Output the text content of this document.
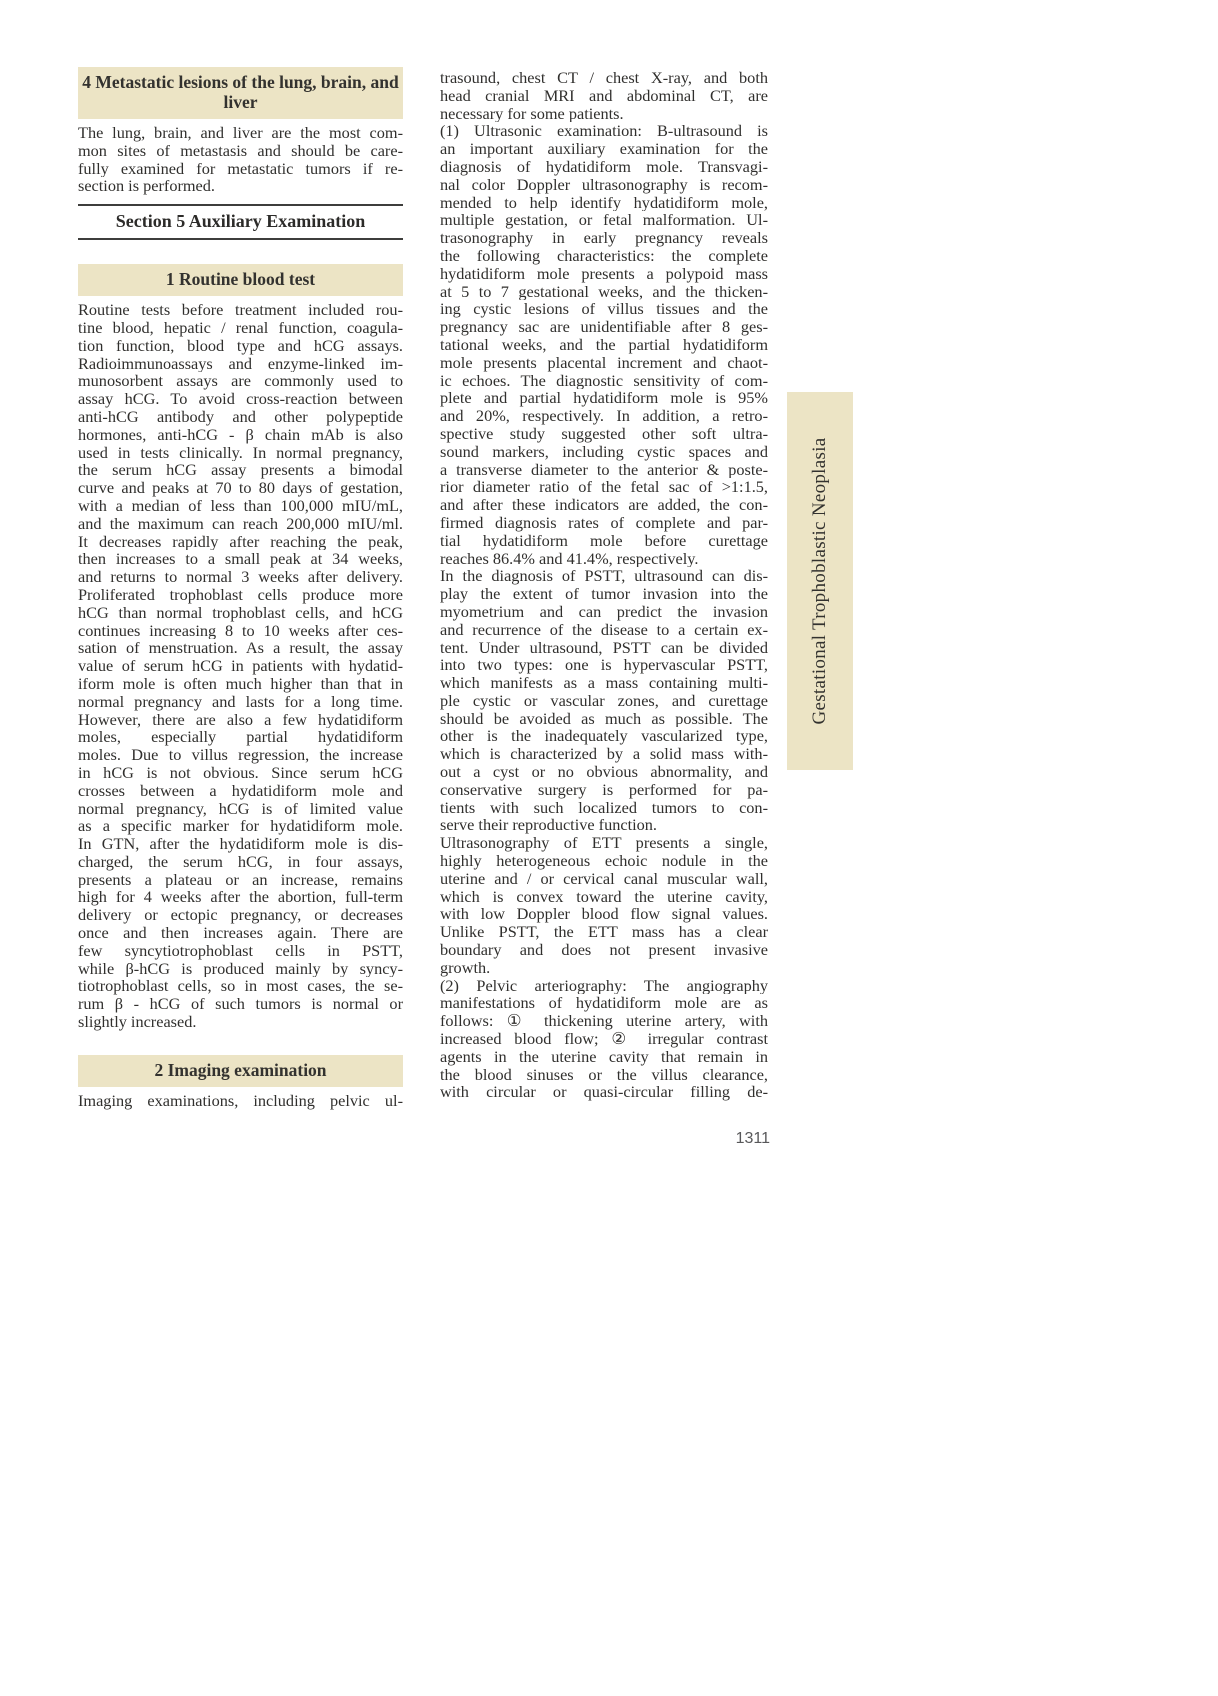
4 Metastatic lesions of the lung, brain, and
liver
The lung, brain, and liver are the most com-
mon sites of metastasis and should be care-
fully examined for metastatic tumors if re-
section is performed.
Section 5 Auxiliary Examination
1 Routine blood test
Routine tests before treatment included rou-
tine blood, hepatic / renal function, coagula-
tion function, blood type and hCG assays.
Radioimmunoassays and enzyme-linked im-
munosorbent assays are commonly used to
assay hCG. To avoid cross-reaction between
anti-hCG antibody and other polypeptide
hormones, anti-hCG - β chain mAb is also
used in tests clinically. In normal pregnancy,
the serum hCG assay presents a bimodal
curve and peaks at 70 to 80 days of gestation,
with a median of less than 100,000 mIU/mL,
and the maximum can reach 200,000 mIU/ml.
It decreases rapidly after reaching the peak,
then increases to a small peak at 34 weeks,
and returns to normal 3 weeks after delivery.
Proliferated trophoblast cells produce more
hCG than normal trophoblast cells, and hCG
continues increasing 8 to 10 weeks after ces-
sation of menstruation. As a result, the assay
value of serum hCG in patients with hydatid-
iform mole is often much higher than that in
normal pregnancy and lasts for a long time.
However, there are also a few hydatidiform
moles, especially partial hydatidiform
moles. Due to villus regression, the increase
in hCG is not obvious. Since serum hCG
crosses between a hydatidiform mole and
normal pregnancy, hCG is of limited value
as a specific marker for hydatidiform mole.
In GTN, after the hydatidiform mole is dis-
charged, the serum hCG, in four assays,
presents a plateau or an increase, remains
high for 4 weeks after the abortion, full-term
delivery or ectopic pregnancy, or decreases
once and then increases again. There are
few syncytiotrophoblast cells in PSTT,
while β-hCG is produced mainly by syncy-
tiotrophoblast cells, so in most cases, the se-
rum β - hCG of such tumors is normal or
slightly increased.
2 Imaging examination
Imaging examinations, including pelvic ul-
trasound, chest CT / chest X-ray, and both
head cranial MRI and abdominal CT, are
necessary for some patients.
(1) Ultrasonic examination: B-ultrasound is
an important auxiliary examination for the
diagnosis of hydatidiform mole. Transvagi-
nal color Doppler ultrasonography is recom-
mended to help identify hydatidiform mole,
multiple gestation, or fetal malformation. Ul-
trasonography in early pregnancy reveals
the following characteristics: the complete
hydatidiform mole presents a polypoid mass
at 5 to 7 gestational weeks, and the thicken-
ing cystic lesions of villus tissues and the
pregnancy sac are unidentifiable after 8 ges-
tational weeks, and the partial hydatidiform
mole presents placental increment and chaot-
ic echoes. The diagnostic sensitivity of com-
plete and partial hydatidiform mole is 95%
and 20%, respectively. In addition, a retro-
spective study suggested other soft ultra-
sound markers, including cystic spaces and
a transverse diameter to the anterior & poste-
rior diameter ratio of the fetal sac of >1:1.5,
and after these indicators are added, the con-
firmed diagnosis rates of complete and par-
tial hydatidiform mole before curettage
reaches 86.4% and 41.4%, respectively.
In the diagnosis of PSTT, ultrasound can dis-
play the extent of tumor invasion into the
myometrium and can predict the invasion
and recurrence of the disease to a certain ex-
tent. Under ultrasound, PSTT can be divided
into two types: one is hypervascular PSTT,
which manifests as a mass containing multi-
ple cystic or vascular zones, and curettage
should be avoided as much as possible. The
other is the inadequately vascularized type,
which is characterized by a solid mass with-
out a cyst or no obvious abnormality, and
conservative surgery is performed for pa-
tients with such localized tumors to con-
serve their reproductive function.
Ultrasonography of ETT presents a single,
highly heterogeneous echoic nodule in the
uterine and / or cervical canal muscular wall,
which is convex toward the uterine cavity,
with low Doppler blood flow signal values.
Unlike PSTT, the ETT mass has a clear
boundary and does not present invasive
growth.
(2) Pelvic arteriography: The angiography
manifestations of hydatidiform mole are as
follows: ① thickening uterine artery, with
increased blood flow; ② irregular contrast
agents in the uterine cavity that remain in
the blood sinuses or the villus clearance,
with circular or quasi-circular filling de-
Gestational Trophoblastic Neoplasia
1311
